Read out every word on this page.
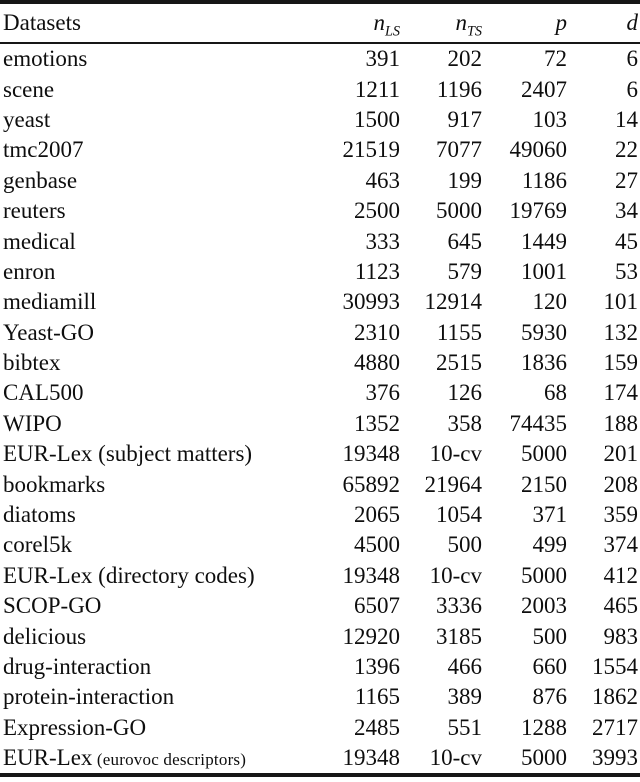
Datasets	$n_{LS}$	$n_{TS}$	p	d
emotions	391	202	72	6
scene	1211	1196	2407	6
yeast	1500	917	103	14
tmc2007	21519	7077	49060	22
genbase	463	199	1186	27
reuters	2500	5000	19769	34
medical	333	645	1449	45
enron	1123	579	1001	53
mediamill	30993	12914	120	101
Yeast-GO	2310	1155	5930	132
bibtex	4880	2515	1836	159
CAL500	376	126	68	174
WIPO	1352	358	74435	188
EUR-Lex (subject matters)	19348	10-cv	5000	201
bookmarks	65892	21964	2150	208
diatoms	2065	1054	371	359
corel5k	4500	500	499	374
EUR-Lex (directory codes)	19348	10-cv	5000	412
SCOP-GO	6507	3336	2003	465
delicious	12920	3185	500	983
drug-interaction	1396	466	660	1554
protein-interaction	1165	389	876	1862
Expression-GO	2485	551	1288	2717
EUR-Lex (eurovoc descriptors)	19348	10-cv	5000	3993
